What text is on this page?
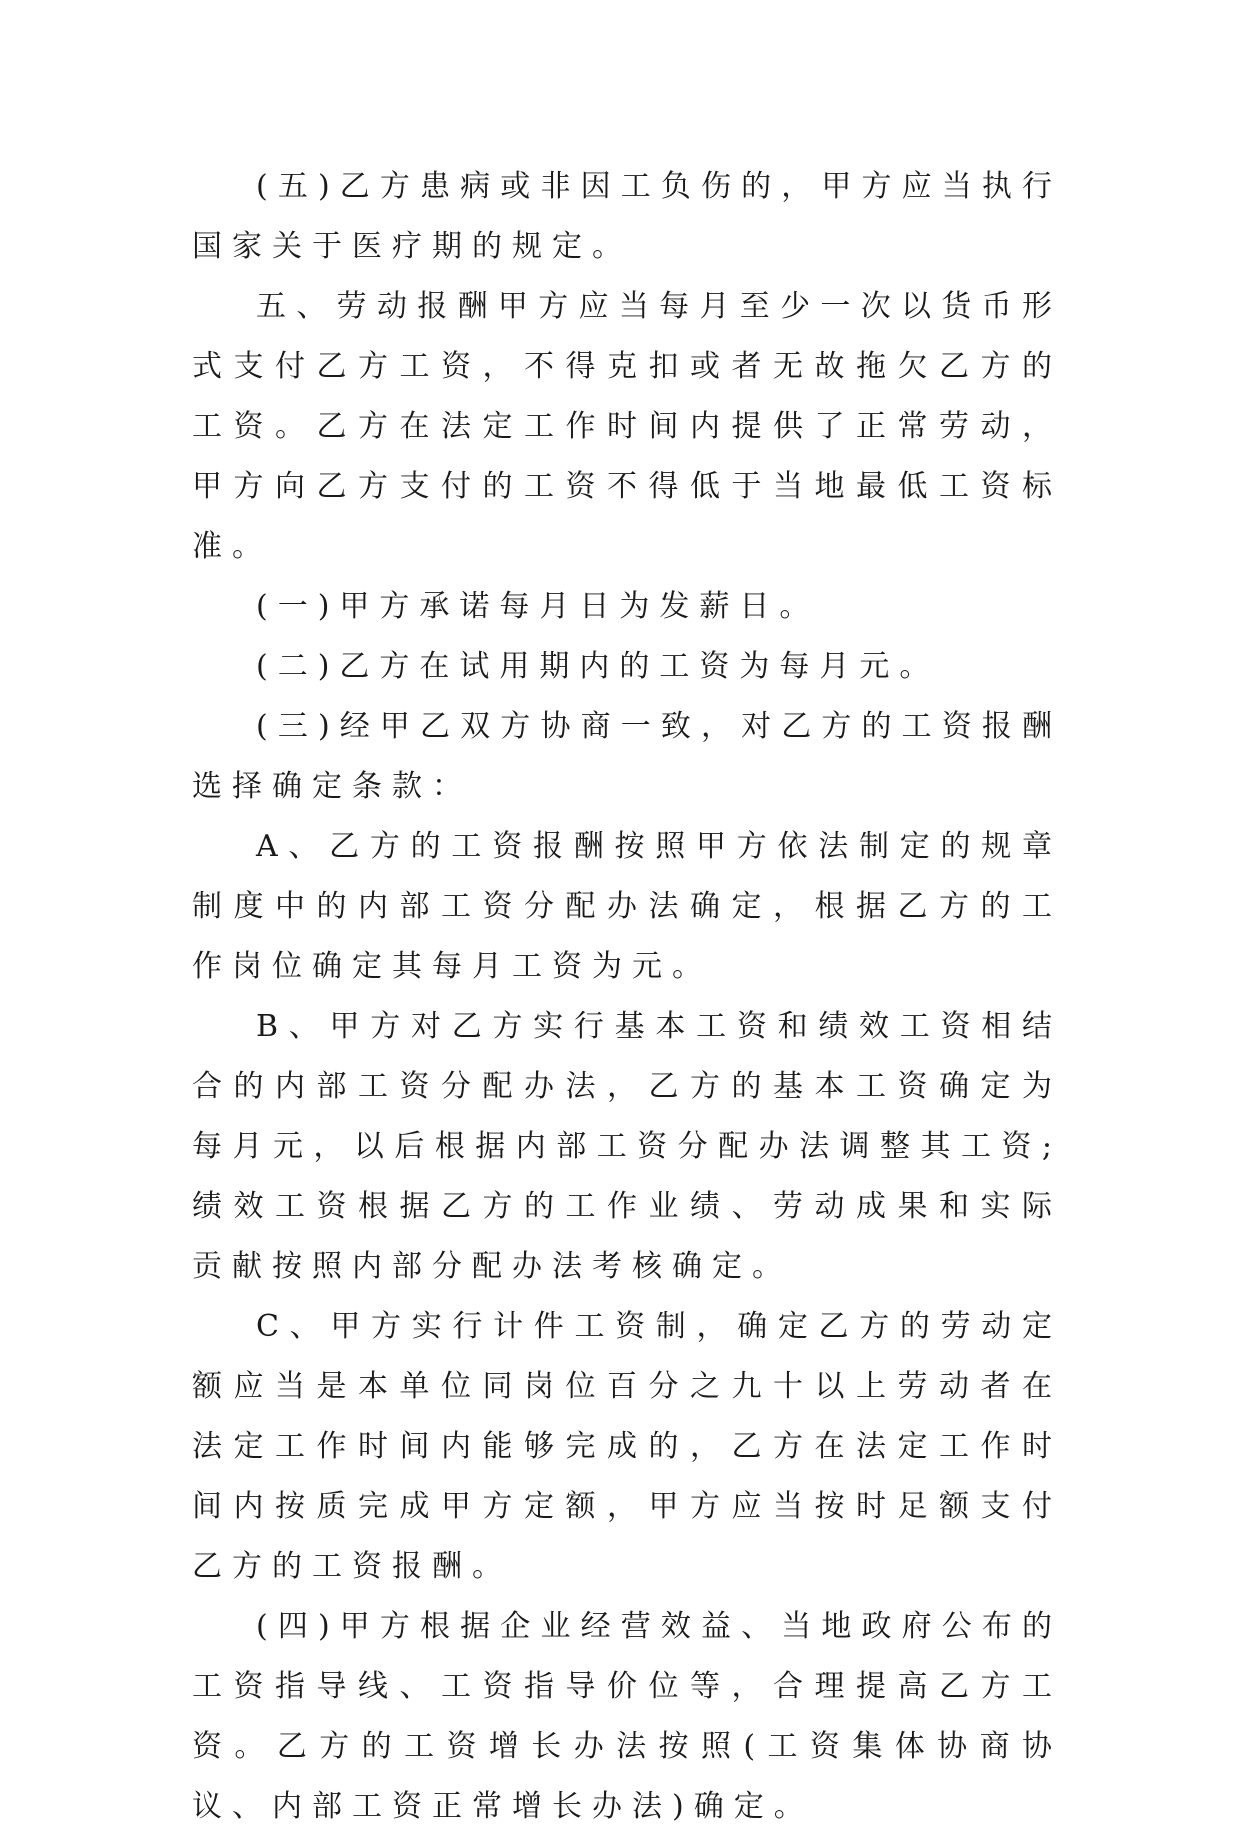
(五)乙方患病或非因工负伤的，甲方应当执行国家关于医疗期的规定。

五、劳动报酬甲方应当每月至少一次以货币形式支付乙方工资，不得克扣或者无故拖欠乙方的工资。乙方在法定工作时间内提供了正常劳动，甲方向乙方支付的工资不得低于当地最低工资标准。

(一)甲方承诺每月日为发薪日。

(二)乙方在试用期内的工资为每月元。

(三)经甲乙双方协商一致，对乙方的工资报酬选择确定条款：

A、乙方的工资报酬按照甲方依法制定的规章制度中的内部工资分配办法确定，根据乙方的工作岗位确定其每月工资为元。

B、甲方对乙方实行基本工资和绩效工资相结合的内部工资分配办法，乙方的基本工资确定为每月元，以后根据内部工资分配办法调整其工资;绩效工资根据乙方的工作业绩、劳动成果和实际贡献按照内部分配办法考核确定。

C、甲方实行计件工资制，确定乙方的劳动定额应当是本单位同岗位百分之九十以上劳动者在法定工作时间内能够完成的，乙方在法定工作时间内按质完成甲方定额，甲方应当按时足额支付乙方的工资报酬。

(四)甲方根据企业经营效益、当地政府公布的工资指导线、工资指导价位等，合理提高乙方工资。乙方的工资增长办法按照(工资集体协商协议、内部工资正常增长办法)确定。
